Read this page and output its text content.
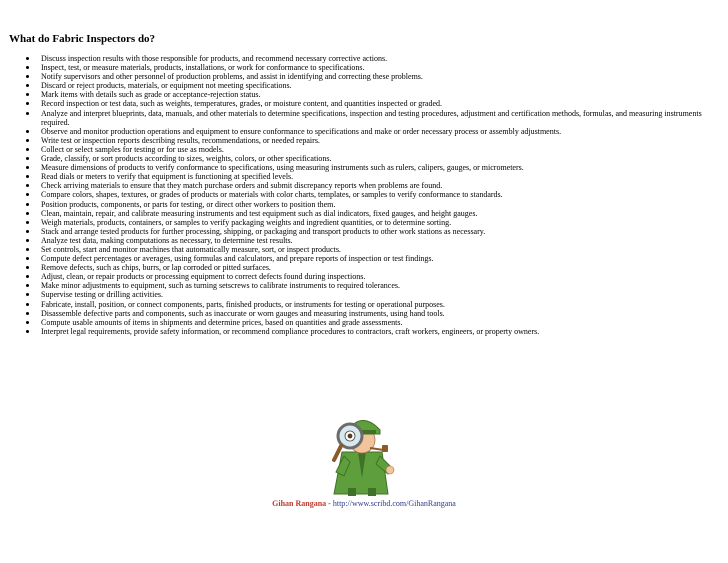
What do Fabric Inspectors do?
Discuss inspection results with those responsible for products, and recommend necessary corrective actions.
Inspect, test, or measure materials, products, installations, or work for conformance to specifications.
Notify supervisors and other personnel of production problems, and assist in identifying and correcting these problems.
Discard or reject products, materials, or equipment not meeting specifications.
Mark items with details such as grade or acceptance-rejection status.
Record inspection or test data, such as weights, temperatures, grades, or moisture content, and quantities inspected or graded.
Analyze and interpret blueprints, data, manuals, and other materials to determine specifications, inspection and testing procedures, adjustment and certification methods, formulas, and measuring instruments required.
Observe and monitor production operations and equipment to ensure conformance to specifications and make or order necessary process or assembly adjustments.
Write test or inspection reports describing results, recommendations, or needed repairs.
Collect or select samples for testing or for use as models.
Grade, classify, or sort products according to sizes, weights, colors, or other specifications.
Measure dimensions of products to verify conformance to specifications, using measuring instruments such as rulers, calipers, gauges, or micrometers.
Read dials or meters to verify that equipment is functioning at specified levels.
Check arriving materials to ensure that they match purchase orders and submit discrepancy reports when problems are found.
Compare colors, shapes, textures, or grades of products or materials with color charts, templates, or samples to verify conformance to standards.
Position products, components, or parts for testing, or direct other workers to position them.
Clean, maintain, repair, and calibrate measuring instruments and test equipment such as dial indicators, fixed gauges, and height gauges.
Weigh materials, products, containers, or samples to verify packaging weights and ingredient quantities, or to determine sorting.
Stack and arrange tested products for further processing, shipping, or packaging and transport products to other work stations as necessary.
Analyze test data, making computations as necessary, to determine test results.
Set controls, start and monitor machines that automatically measure, sort, or inspect products.
Compute defect percentages or averages, using formulas and calculators, and prepare reports of inspection or test findings.
Remove defects, such as chips, burrs, or lap corroded or pitted surfaces.
Adjust, clean, or repair products or processing equipment to correct defects found during inspections.
Make minor adjustments to equipment, such as turning setscrews to calibrate instruments to required tolerances.
Supervise testing or drilling activities.
Fabricate, install, position, or connect components, parts, finished products, or instruments for testing or operational purposes.
Disassemble defective parts and components, such as inaccurate or worn gauges and measuring instruments, using hand tools.
Compute usable amounts of items in shipments and determine prices, based on quantities and grade assessments.
Interpret legal requirements, provide safety information, or recommend compliance procedures to contractors, craft workers, engineers, or property owners.
Gihan Rangana - http://www.scribd.com/GihanRangana
